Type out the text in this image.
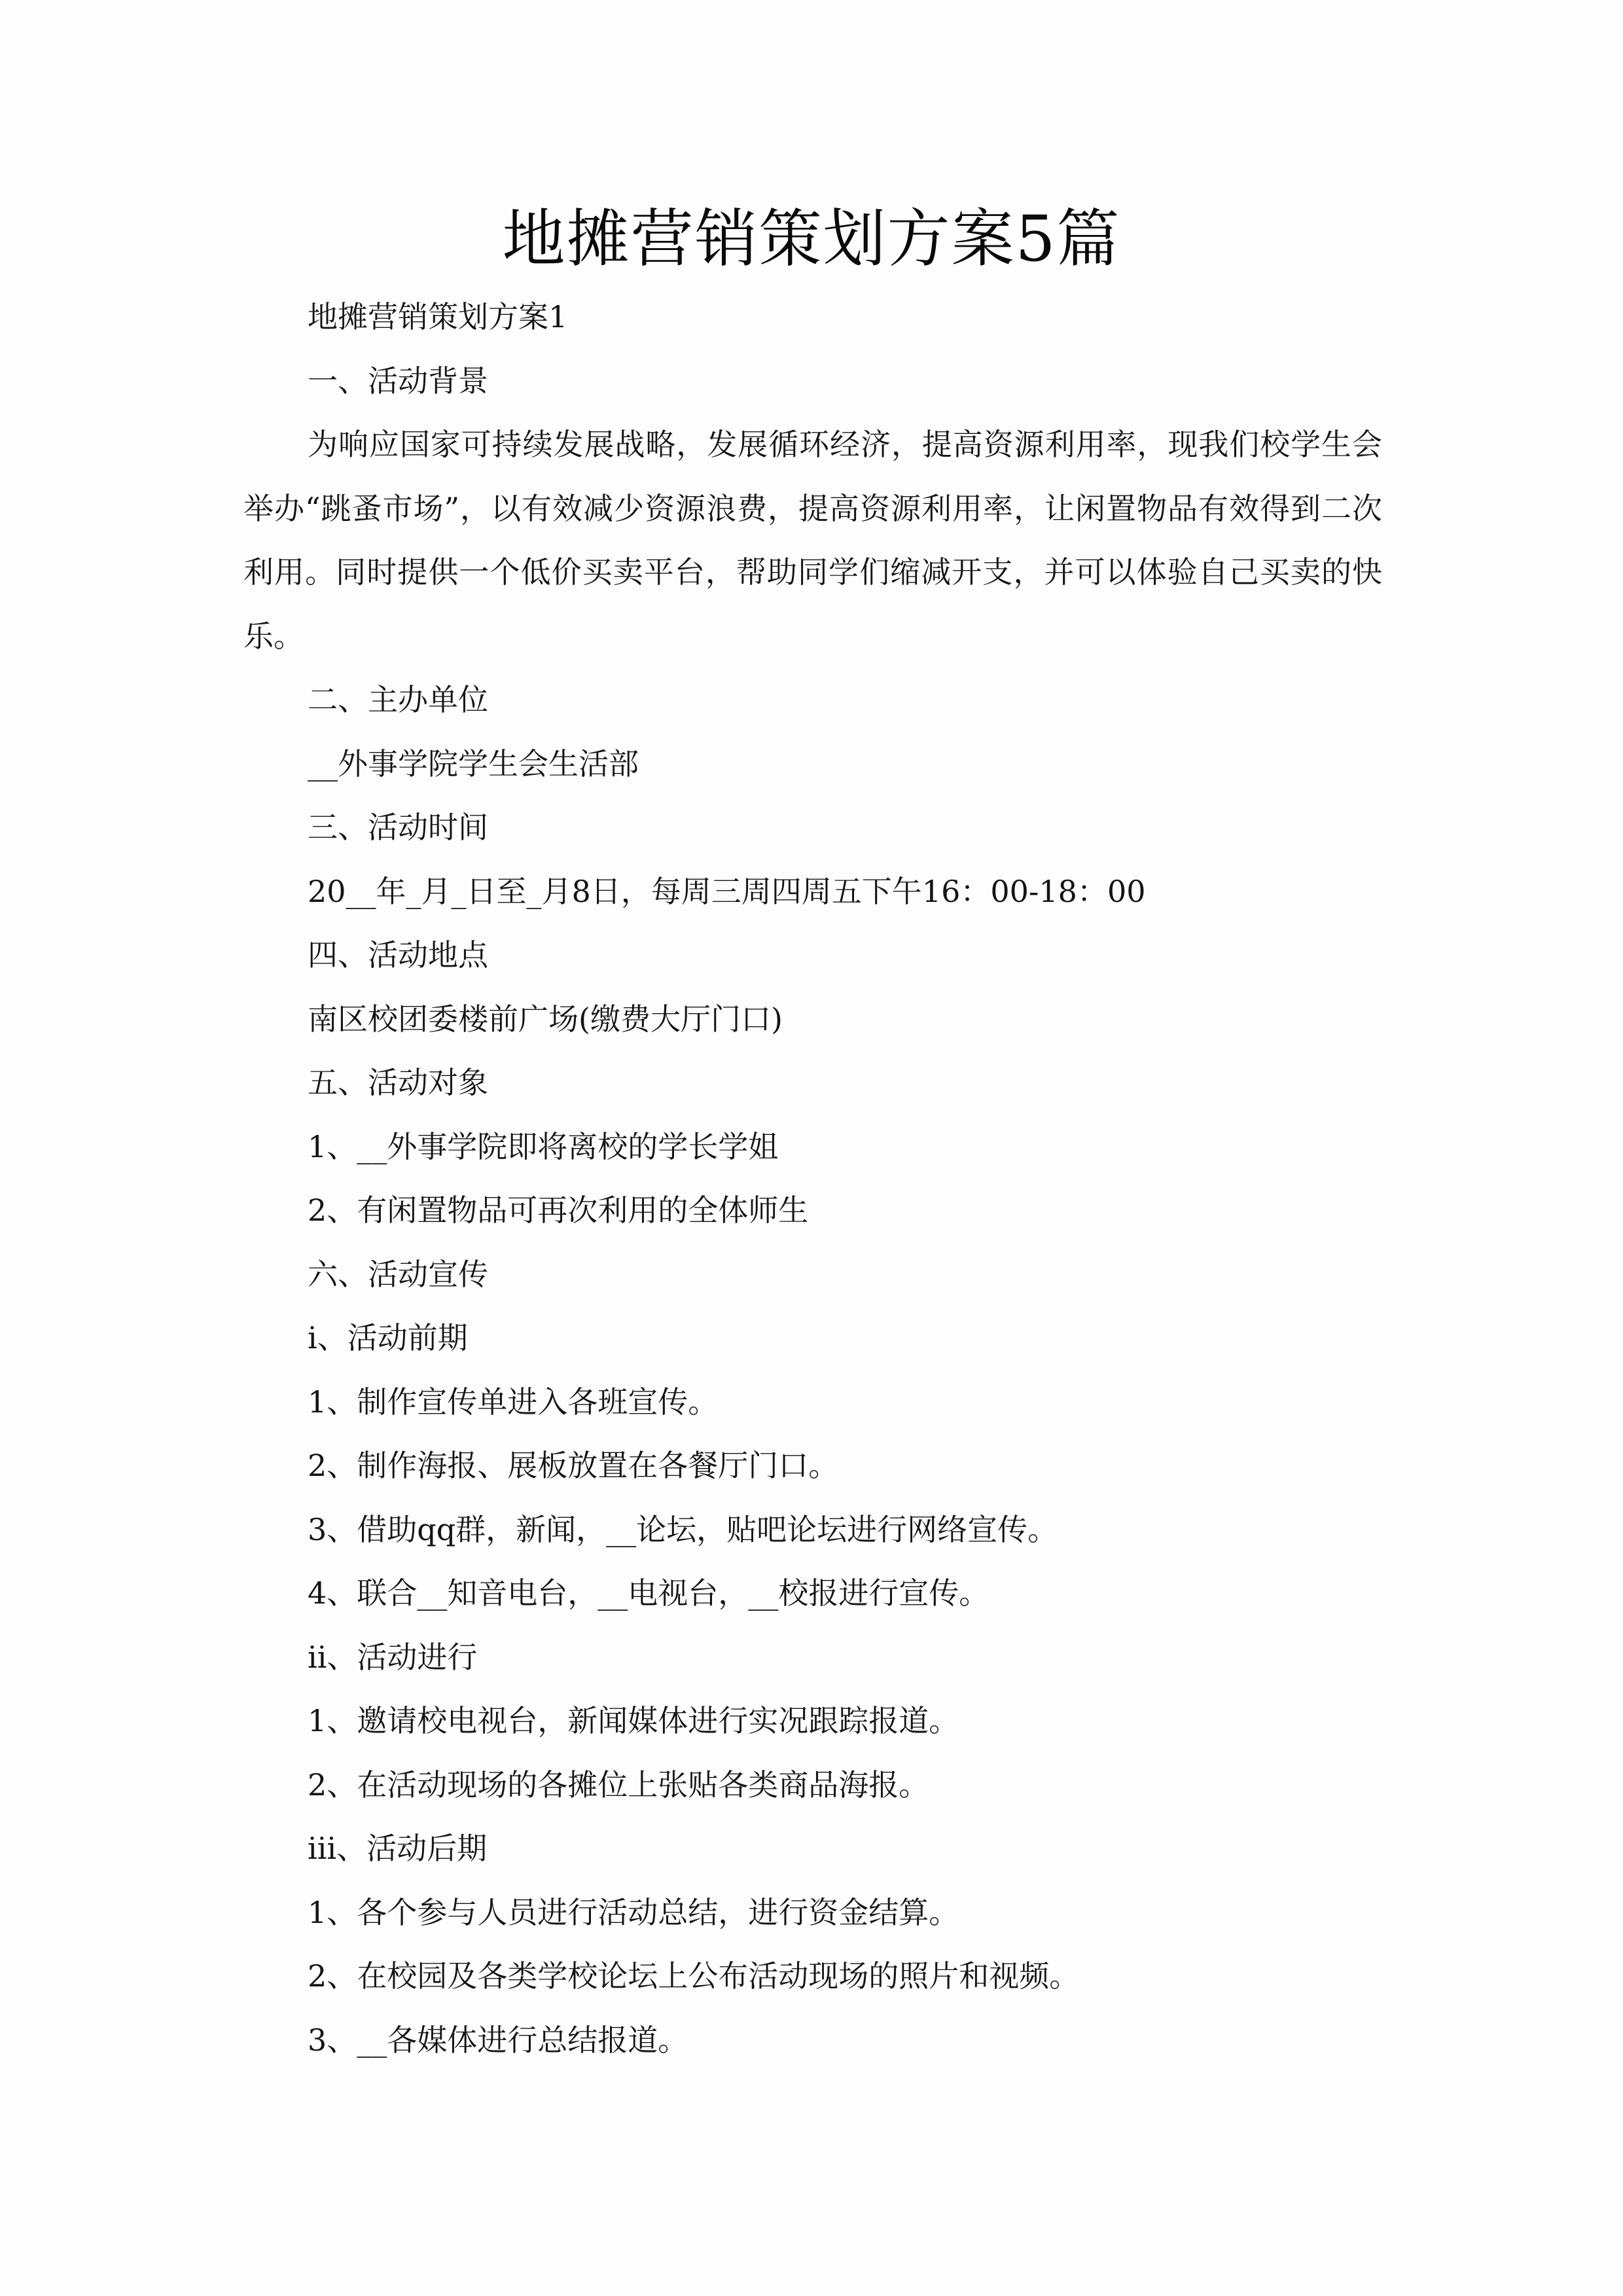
地摊营销策划方案5篇

地摊营销策划方案1

一、活动背景

为响应国家可持续发展战略，发展循环经济，提高资源利用率，现我们校学生会举办“跳蚤市场”，以有效减少资源浪费，提高资源利用率，让闲置物品有效得到二次利用。同时提供一个低价买卖平台，帮助同学们缩减开支，并可以体验自己买卖的快乐。

二、主办单位

__外事学院学生会生活部

三、活动时间

20__年_月_日至_月8日，每周三周四周五下午16：00-18：00

四、活动地点

南区校团委楼前广场(缴费大厅门口)

五、活动对象

1、__外事学院即将离校的学长学姐

2、有闲置物品可再次利用的全体师生

六、活动宣传

ⅰ、活动前期

1、制作宣传单进入各班宣传。

2、制作海报、展板放置在各餐厅门口。

3、借助qq群，新闻，__论坛，贴吧论坛进行网络宣传。

4、联合__知音电台，__电视台，__校报进行宣传。

ⅱ、活动进行

1、邀请校电视台，新闻媒体进行实况跟踪报道。

2、在活动现场的各摊位上张贴各类商品海报。

ⅲ、活动后期

1、各个参与人员进行活动总结，进行资金结算。

2、在校园及各类学校论坛上公布活动现场的照片和视频。

3、__各媒体进行总结报道。
